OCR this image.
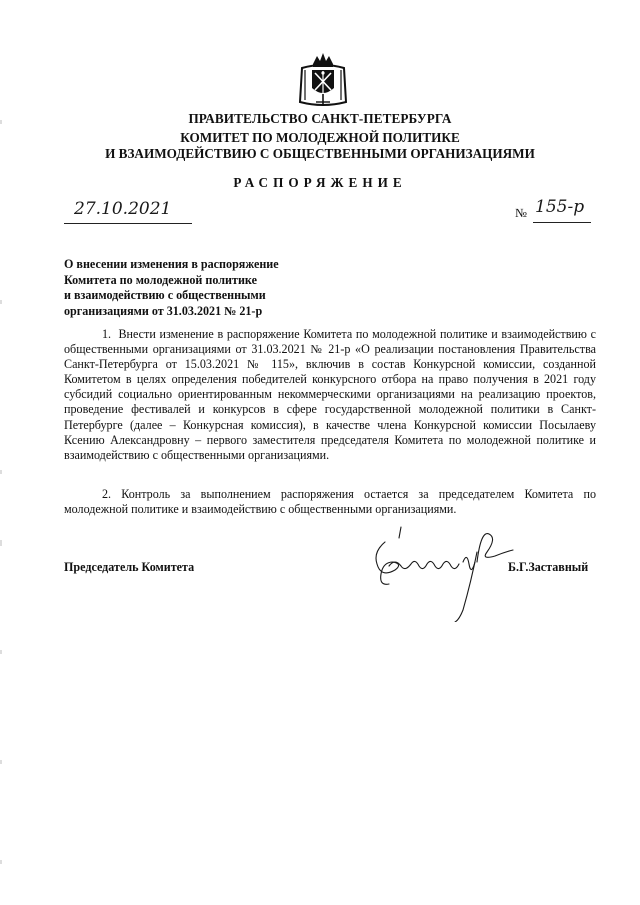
ПРАВИТЕЛЬСТВО САНКТ-ПЕТЕРБУРГА
КОМИТЕТ ПО МОЛОДЕЖНОЙ ПОЛИТИКЕ
И ВЗАИМОДЕЙСТВИЮ С ОБЩЕСТВЕННЫМИ ОРГАНИЗАЦИЯМИ
РАСПОРЯЖЕНИЕ
27.10.2021	№ 155-р
О внесении изменения в распоряжение
Комитета по молодежной политике
и взаимодействию с общественными
организациями от 31.03.2021 № 21-р
1.  Внести изменение в распоряжение Комитета по молодежной политике и взаимодействию с общественными организациями от 31.03.2021 № 21-р «О реализации постановления Правительства Санкт-Петербурга от 15.03.2021 № 115», включив в состав Конкурсной комиссии, созданной Комитетом в целях определения победителей конкурсного отбора на право получения в 2021 году субсидий социально ориентированным некоммерческими организациями на реализацию проектов, проведение фестивалей и конкурсов в сфере государственной молодежной политики в Санкт-Петербурге (далее – Конкурсная комиссия), в качестве члена Конкурсной комиссии Посылаеву Ксению Александровну – первого заместителя председателя Комитета по молодежной политике и взаимодействию с общественными организациями.
2. Контроль за выполнением распоряжения остается за председателем Комитета по молодежной политике и взаимодействию с общественными организациями.
Председатель Комитета	Б.Г.Заставный
